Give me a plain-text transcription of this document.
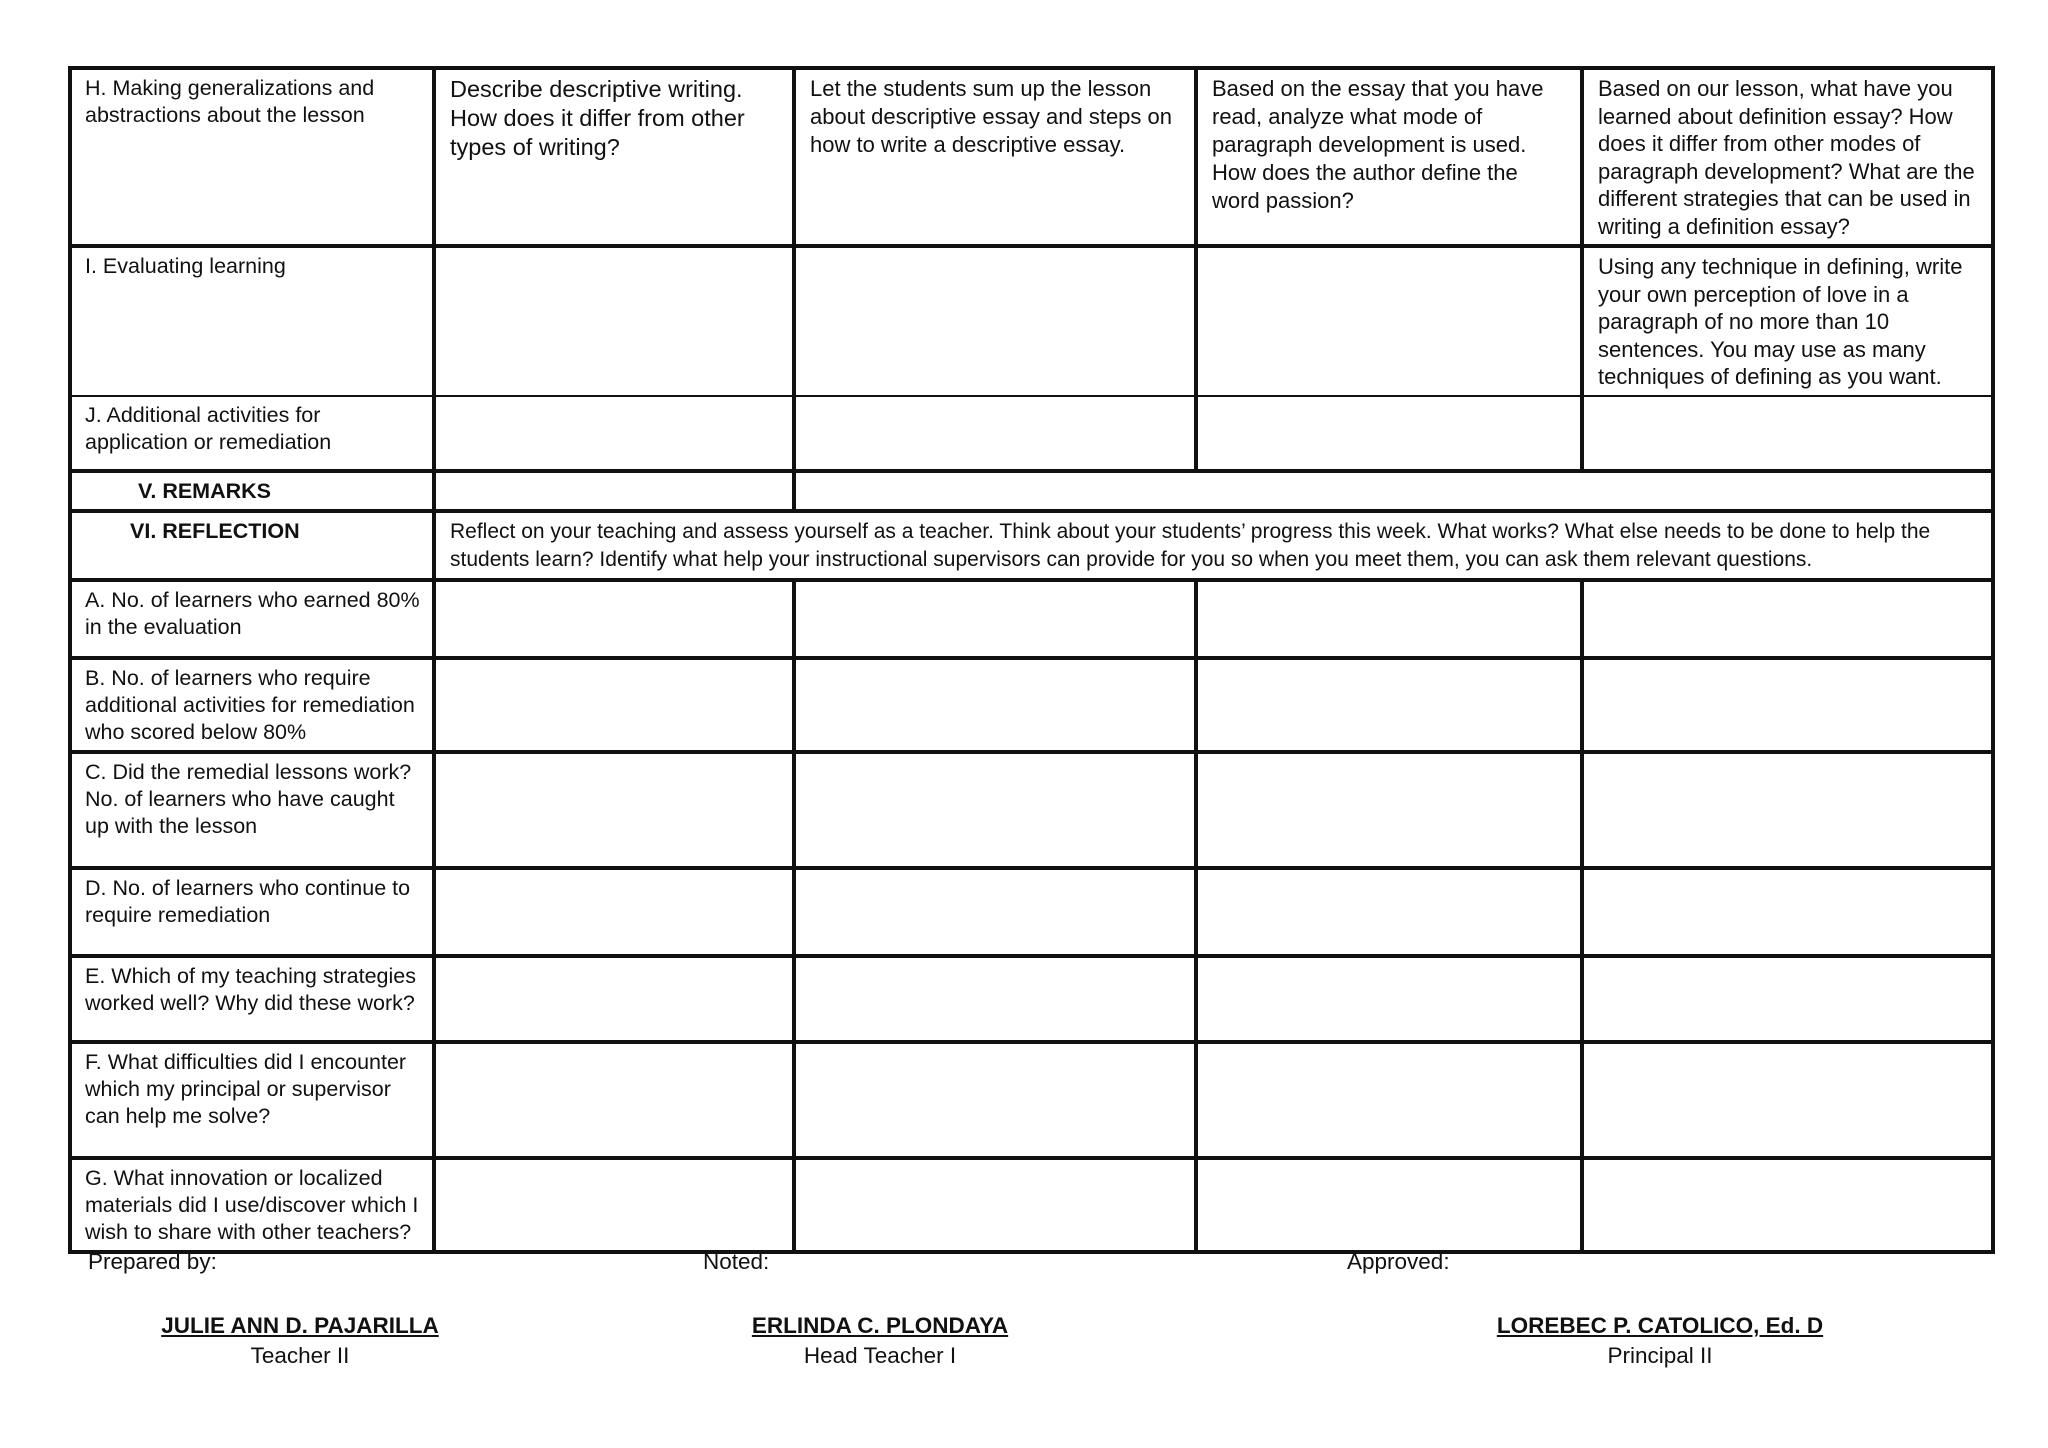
H. Making generalizations and abstractions about the lesson	Describe descriptive writing. How does it differ from other types of writing?	Let the students sum up the lesson about descriptive essay and steps on how to write a descriptive essay.	Based on the essay that you have read, analyze what mode of paragraph development is used. How does the author define the word passion?	Based on our lesson, what have you learned about definition essay? How does it differ from other modes of paragraph development? What are the different strategies that can be used in writing a definition essay?
I. Evaluating learning				Using any technique in defining, write your own perception of love in a paragraph of no more than 10 sentences. You may use as many techniques of defining as you want.
J. Additional activities for application or remediation				
V. REMARKS				
VI. REFLECTION	Reflect on your teaching and assess yourself as a teacher. Think about your students’ progress this week. What works? What else needs to be done to help the students learn? Identify what help your instructional supervisors can provide for you so when you meet them, you can ask them relevant questions.			
A. No. of learners who earned 80% in the evaluation				
B. No. of learners who require additional activities for remediation who scored below 80%				
C. Did the remedial lessons work? No. of learners who have caught up with the lesson				
D. No. of learners who continue to require remediation				
E. Which of my teaching strategies worked well? Why did these work?				
F. What difficulties did I encounter which my principal or supervisor can help me solve?				
G. What innovation or localized materials did I use/discover which I wish to share with other teachers?				
Prepared by:
JULIE ANN D. PAJARILLA
Teacher II
Noted:
ERLINDA C. PLONDAYA
Head Teacher I
Approved:
LOREBEC P. CATOLICO, Ed. D
Principal II
